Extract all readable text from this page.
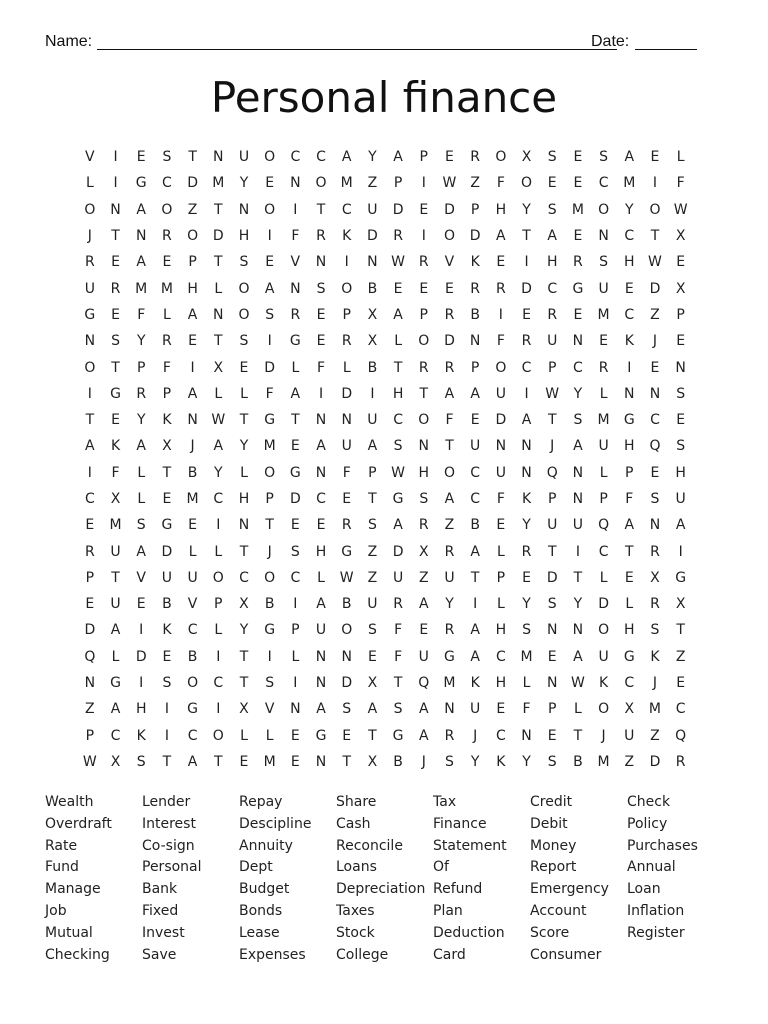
Name:	Date:
Personal finance
V	I	E	S	T	N	U	O	C	C	A	Y	A	P	E	R	O	X	S	E	S	A	E	L
L	I	G	C	D	M	Y	E	N	O	M	Z	P	I	W Z	F	O	E	E	C	M	I	F
O	N	A	O	Z	T	N	O	I	T	C	U	D	E	D	P	H	Y	S	M	O	Y	O W
J	T	N	R	O	D	H	I	F	R	K	D	R	I	O	D	A	T	A	E	N	C	T	X
R	E	A	E	P	T	S	E	V	N	I	N W R	V	K	E	I	H	R	S	H W	E
U	R	M M	H	L	O	A	N	S	O	B	E	E	E	R	R	D	C	G	U	E	D	X
G	E	F	L	A	N	O	S	R	E	P	X	A	P	R	B	I	E	R	E	M	C	Z	P
N	S	Y	R	E	T	S	I	G	E	R	X	L	O	D	N	F	R	U	N	E	K	J	E
O	T	P	F	I	X	E	D	L	F	L	B	T	R	R	P	O	C	P	C	R	I	E	N
I	G	R	P	A	L	L	F	A	I	D	I	H	T	A	A	U	I	W	Y	L	N	N	S
T	E	Y	K	N W	T	G	T	N	N	U	C	O	F	E	D	A	T	S	M	G	C	E
A	K	A	X	J	A	Y	M	E	A	U	A	S	N	T	U	N	N	J	A	U	H	Q	S
I	F	L	T	B	Y	L	O	G	N	F	P	W H	O	C	U	N	Q	N	L	P	E	H
C	X	L	E	M	C	H	P	D	C	E	T	G	S	A	C	F	K	P	N	P	F	S	U
E	M	S	G	E	I	N	T	E	E	R	S	A	R	Z	B	E	Y	U	U	Q	A	N	A
R	U	A	D	L	L	T	J	S	H	G	Z	D	X	R	A	L	R	T	I	C	T	R	I
P	T	V	U	U	O	C	O	C	L	W Z	U	Z	U	T	P	E	D	T	L	E	X	G
E	U	E	B	V	P	X	B	I	A	B	U	R	A	Y	I	L	Y	S	Y	D	L	R	X
D	A	I	K	C	L	Y	G	P	U	O	S	F	E	R	A	H	S	N	N	O	H	S	T
Q	L	D	E	B	I	T	I	L	N	N	E	F	U	G	A	C	M	E	A	U	G	K	Z
N	G	I	S	O	C	T	S	I	N	D	X	T	Q	M	K	H	L	N W	K	C	J	E
Z	A	H	I	G	I	X	V	N	A	S	A	S	A	N	U	E	F	P	L	O	X	M	C
P	C	K	I	C	O	L	L	E	G	E	T	G	A	R	J	C	N	E	T	J	U	Z	Q
W X	S	T	A	T	E	M	E	N	T	X	B	J	S	Y	K	Y	S	B	M	Z	D	R
Wealth
Overdraft
Rate
Fund
Manage
Job
Mutual
Checking
Lender
Interest
Co-sign
Personal
Bank
Fixed
Invest
Save
Repay
Descipline
Annuity
Dept
Budget
Bonds
Lease
Expenses
Share
Cash
Reconcile
Loans
Depreciation
Taxes
Stock
College
Tax
Finance
Statement
Of
Refund
Plan
Deduction
Card
Credit
Debit
Money
Report
Emergency
Account
Score
Consumer
Check
Policy
Purchases
Annual
Loan
Inflation
Register
